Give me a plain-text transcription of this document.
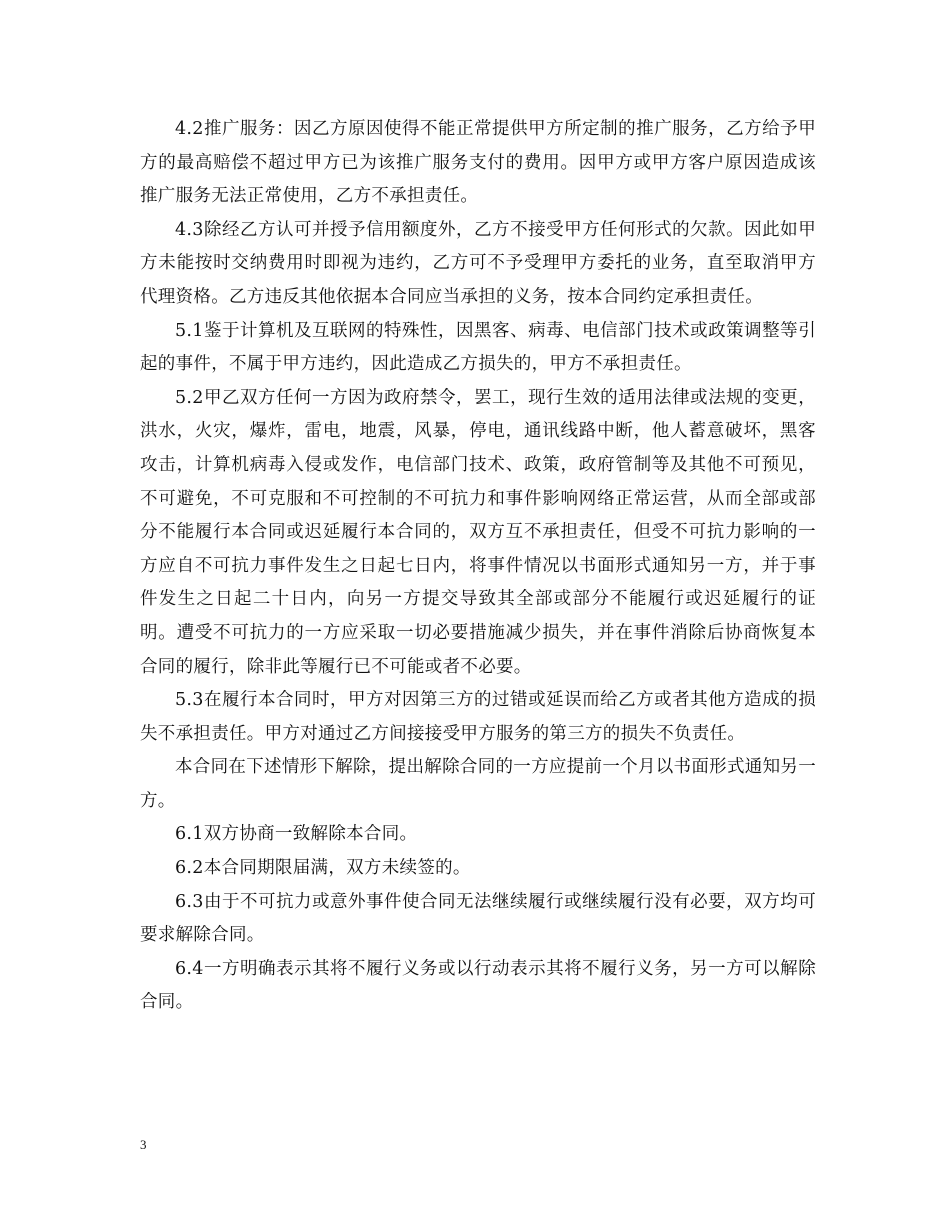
4.2推广服务：因乙方原因使得不能正常提供甲方所定制的推广服务，乙方给予甲方的最高赔偿不超过甲方已为该推广服务支付的费用。因甲方或甲方客户原因造成该推广服务无法正常使用，乙方不承担责任。

4.3除经乙方认可并授予信用额度外，乙方不接受甲方任何形式的欠款。因此如甲方未能按时交纳费用时即视为违约，乙方可不予受理甲方委托的业务，直至取消甲方代理资格。乙方违反其他依据本合同应当承担的义务，按本合同约定承担责任。

5.1鉴于计算机及互联网的特殊性，因黑客、病毒、电信部门技术或政策调整等引起的事件，不属于甲方违约，因此造成乙方损失的，甲方不承担责任。

5.2甲乙双方任何一方因为政府禁令，罢工，现行生效的适用法律或法规的变更，洪水，火灾，爆炸，雷电，地震，风暴，停电，通讯线路中断，他人蓄意破坏，黑客攻击，计算机病毒入侵或发作，电信部门技术、政策，政府管制等及其他不可预见，不可避免，不可克服和不可控制的不可抗力和事件影响网络正常运营，从而全部或部分不能履行本合同或迟延履行本合同的，双方互不承担责任，但受不可抗力影响的一方应自不可抗力事件发生之日起七日内，将事件情况以书面形式通知另一方，并于事件发生之日起二十日内，向另一方提交导致其全部或部分不能履行或迟延履行的证明。遭受不可抗力的一方应采取一切必要措施减少损失，并在事件消除后协商恢复本合同的履行，除非此等履行已不可能或者不必要。

5.3在履行本合同时，甲方对因第三方的过错或延误而给乙方或者其他方造成的损失不承担责任。甲方对通过乙方间接接受甲方服务的第三方的损失不负责任。

本合同在下述情形下解除，提出解除合同的一方应提前一个月以书面形式通知另一方。

6.1双方协商一致解除本合同。

6.2本合同期限届满，双方未续签的。

6.3由于不可抗力或意外事件使合同无法继续履行或继续履行没有必要，双方均可要求解除合同。

6.4一方明确表示其将不履行义务或以行动表示其将不履行义务，另一方可以解除合同。

3
